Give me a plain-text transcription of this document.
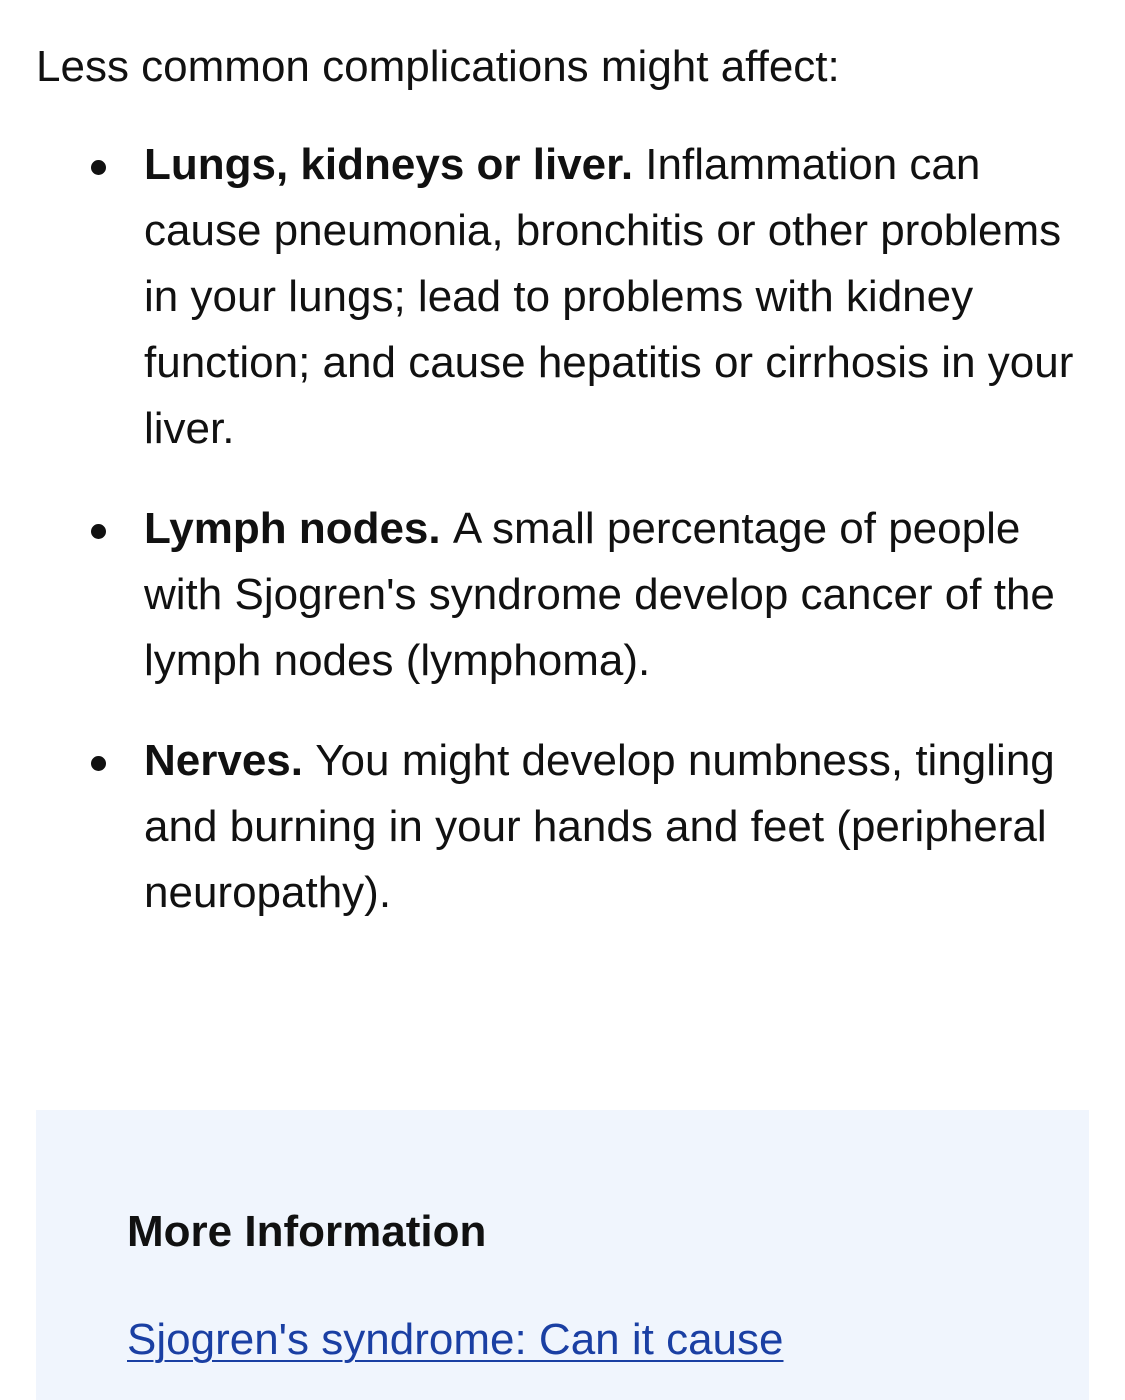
Less common complications might affect:

Lungs, kidneys or liver. Inflammation can cause pneumonia, bronchitis or other problems in your lungs; lead to problems with kidney function; and cause hepatitis or cirrhosis in your liver.
Lymph nodes. A small percentage of people with Sjogren's syndrome develop cancer of the lymph nodes (lymphoma).
Nerves. You might develop numbness, tingling and burning in your hands and feet (peripheral neuropathy).
More Information
Sjogren's syndrome: Can it cause
